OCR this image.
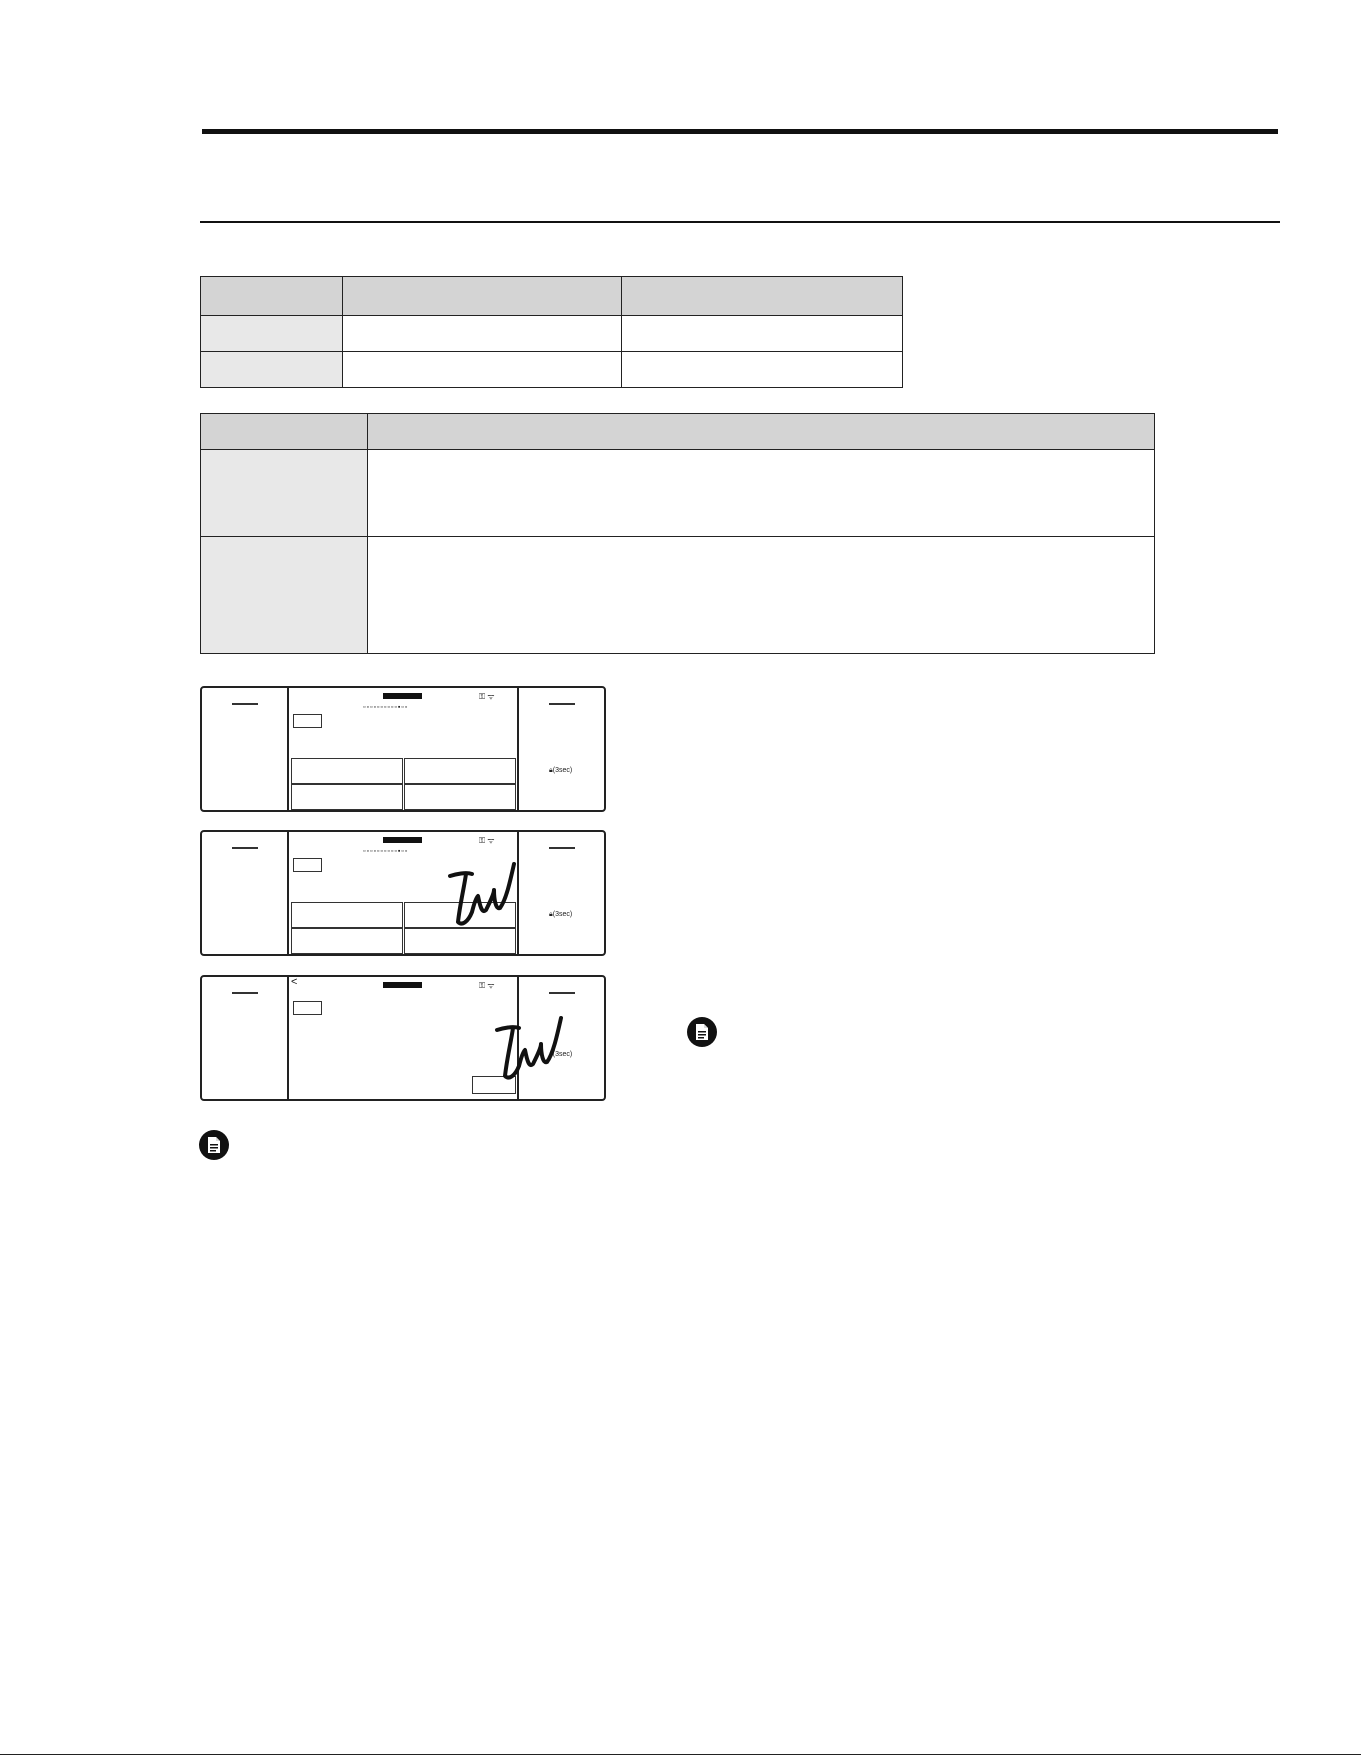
⚿ ᯤ
▫▫▫▫▫▫▫▫▫▫▪▫▫
🔒︎(3sec)
⚿ ᯤ
▫▫▫▫▫▫▫▫▫▫▪▫▫
🔒︎(3sec)
<	⚿ ᯤ
🔒︎(3sec)
